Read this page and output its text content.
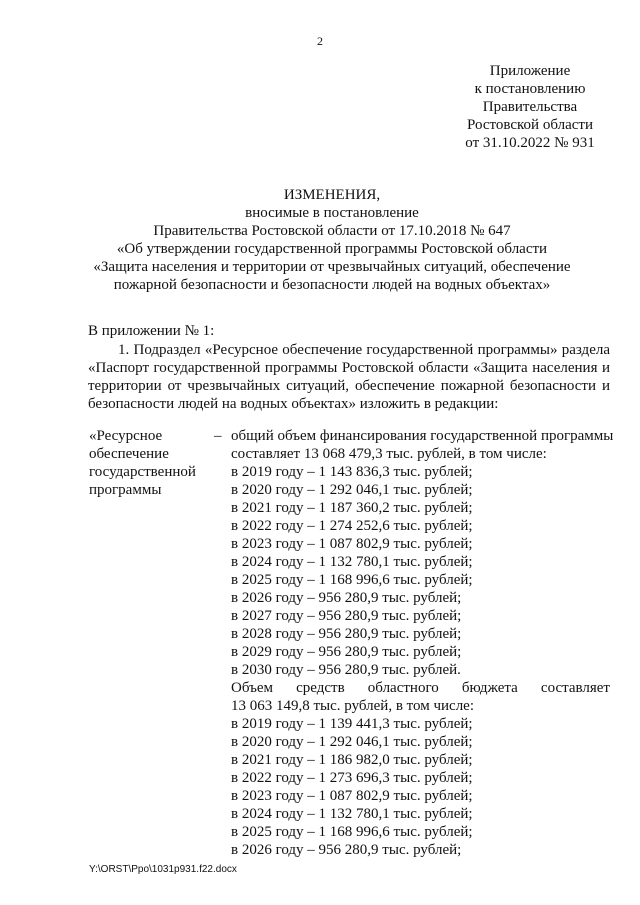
2
Приложение
к постановлению
Правительства
Ростовской области
от 31.10.2022 № 931
ИЗМЕНЕНИЯ,
вносимые в постановление
Правительства Ростовской области от 17.10.2018 № 647
«Об утверждении государственной программы Ростовской области
«Защита населения и территории от чрезвычайных ситуаций, обеспечение
пожарной безопасности и безопасности людей на водных объектах»
В приложении № 1:
1. Подраздел «Ресурсное обеспечение государственной программы» раздела «Паспорт государственной программы Ростовской области «Защита населения и территории от чрезвычайных ситуаций, обеспечение пожарной безопасности и безопасности людей на водных объектах» изложить в редакции:
«Ресурсное
обеспечение
государственной
программы
– общий объем финансирования государственной программы
составляет 13 068 479,3 тыс. рублей, в том числе:
в 2019 году – 1 143 836,3 тыс. рублей;
в 2020 году – 1 292 046,1 тыс. рублей;
в 2021 году – 1 187 360,2 тыс. рублей;
в 2022 году – 1 274 252,6 тыс. рублей;
в 2023 году – 1 087 802,9 тыс. рублей;
в 2024 году – 1 132 780,1 тыс. рублей;
в 2025 году – 1 168 996,6 тыс. рублей;
в 2026 году – 956 280,9 тыс. рублей;
в 2027 году – 956 280,9 тыс. рублей;
в 2028 году – 956 280,9 тыс. рублей;
в 2029 году – 956 280,9 тыс. рублей;
в 2030 году – 956 280,9 тыс. рублей.
Объем средств областного бюджета составляет
13 063 149,8 тыс. рублей, в том числе:
в 2019 году – 1 139 441,3 тыс. рублей;
в 2020 году – 1 292 046,1 тыс. рублей;
в 2021 году – 1 186 982,0 тыс. рублей;
в 2022 году – 1 273 696,3 тыс. рублей;
в 2023 году – 1 087 802,9 тыс. рублей;
в 2024 году – 1 132 780,1 тыс. рублей;
в 2025 году – 1 168 996,6 тыс. рублей;
в 2026 году – 956 280,9 тыс. рублей;
Y:\ORST\Ppo\1031p931.f22.docx
